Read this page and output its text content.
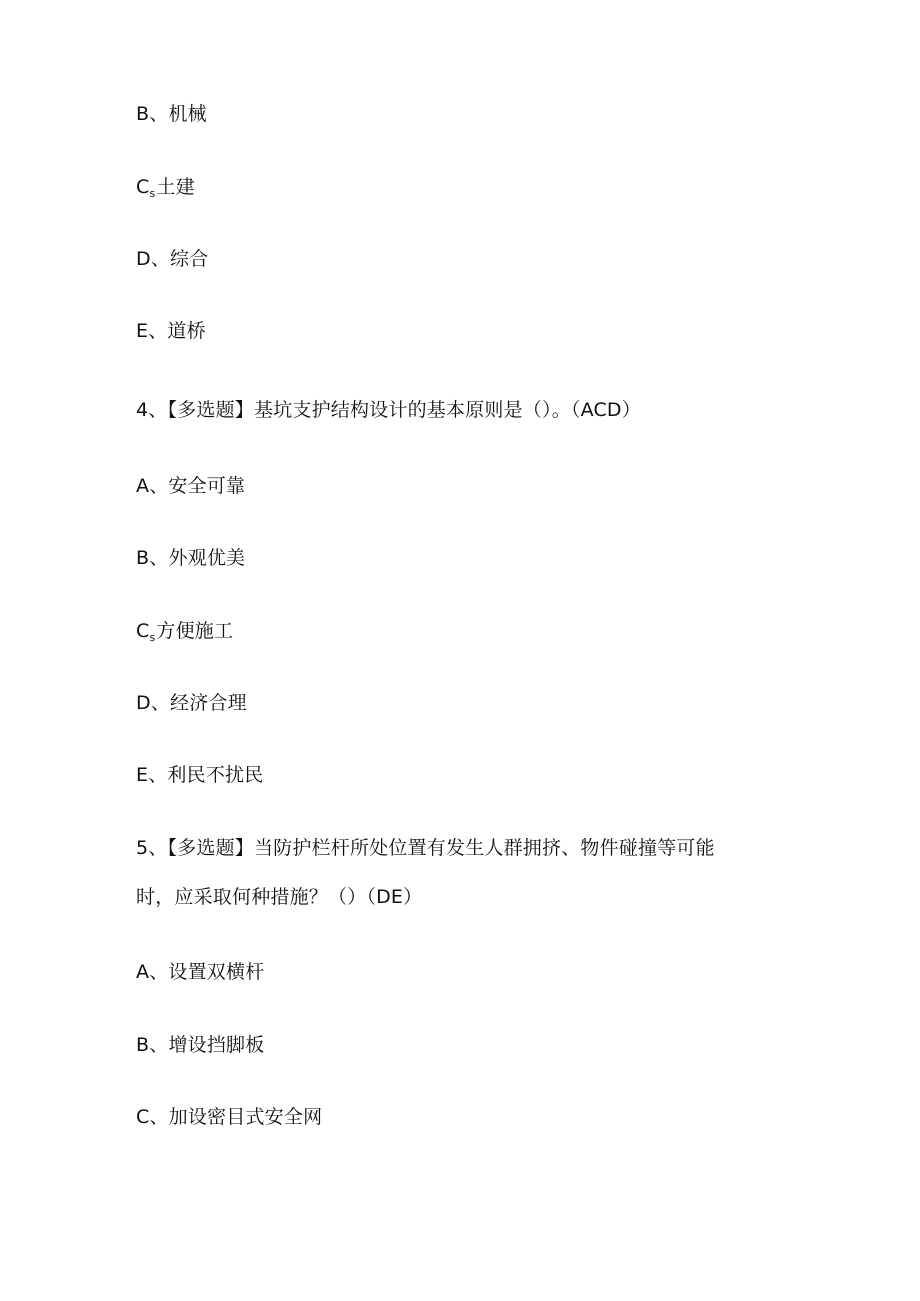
B、机械
$C_s$土建
D、综合
E、道桥
4、【多选题】基坑支护结构设计的基本原则是（）。（ACD）
A、安全可靠
B、外观优美
$C_s$方便施工
D、经济合理
E、利民不扰民
5、【多选题】当防护栏杆所处位置有发生人群拥挤、物件碰撞等可能
时，应采取何种措施？（）（DE）
A、设置双横杆
B、增设挡脚板
C、加设密目式安全网
